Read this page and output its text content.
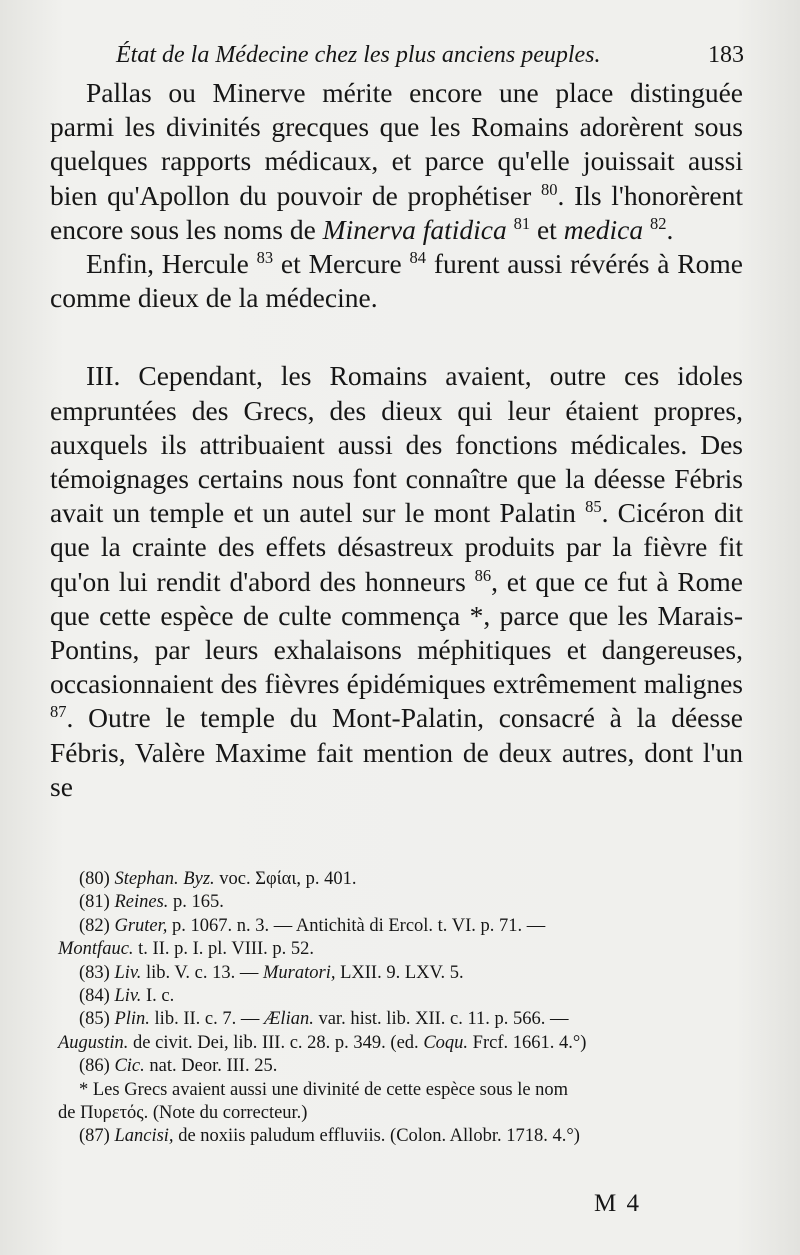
État de la Médecine chez les plus anciens peuples.	183

Pallas ou Minerve mérite encore une place distinguée parmi les divinités grecques que les Romains adorèrent sous quelques rapports médicaux, et parce qu'elle jouissait aussi bien qu'Apollon du pouvoir de prophétiser $^{80}$. Ils l'honorèrent encore sous les noms de Minerva fatidica $^{81}$ et medica $^{82}$.

Enfin, Hercule $^{83}$ et Mercure $^{84}$ furent aussi révérés à Rome comme dieux de la médecine.

III. Cependant, les Romains avaient, outre ces idoles empruntées des Grecs, des dieux qui leur étaient propres, auxquels ils attribuaient aussi des fonctions médicales. Des témoignages certains nous font connaître que la déesse Fébris avait un temple et un autel sur le mont Palatin $^{85}$. Cicéron dit que la crainte des effets désastreux produits par la fièvre fit qu'on lui rendit d'abord des honneurs $^{86}$, et que ce fut à Rome que cette espèce de culte commença *, parce que les Marais-Pontins, par leurs exhalaisons méphitiques et dangereuses, occasionnaient des fièvres épidémiques extrêmement malignes $^{87}$. Outre le temple du Mont-Palatin, consacré à la déesse Fébris, Valère Maxime fait mention de deux autres, dont l'un se

(80) Stephan. Byz. voc. Σφίαι, p. 401.
(81) Reines. p. 165.
(82) Gruter, p. 1067. n. 3. — Antichità di Ercol. t. VI. p. 71. —
Montfauc. t. II. p. I. pl. VIII. p. 52.
(83) Liv. lib. V. c. 13. — Muratori, LXII. 9. LXV. 5.
(84) Liv. I. c.
(85) Plin. lib. II. c. 7. — Ælian. var. hist. lib. XII. c. 11. p. 566. —
Augustin. de civit. Dei, lib. III. c. 28. p. 349. (ed. Coqu. Frcf. 1661. 4.°)
(86) Cic. nat. Deor. III. 25.
* Les Grecs avaient aussi une divinité de cette espèce sous le nom
de Πυρετός. (Note du correcteur.)
(87) Lancisi, de noxiis paludum effluviis. (Colon. Allobr. 1718. 4.°)
M 4
